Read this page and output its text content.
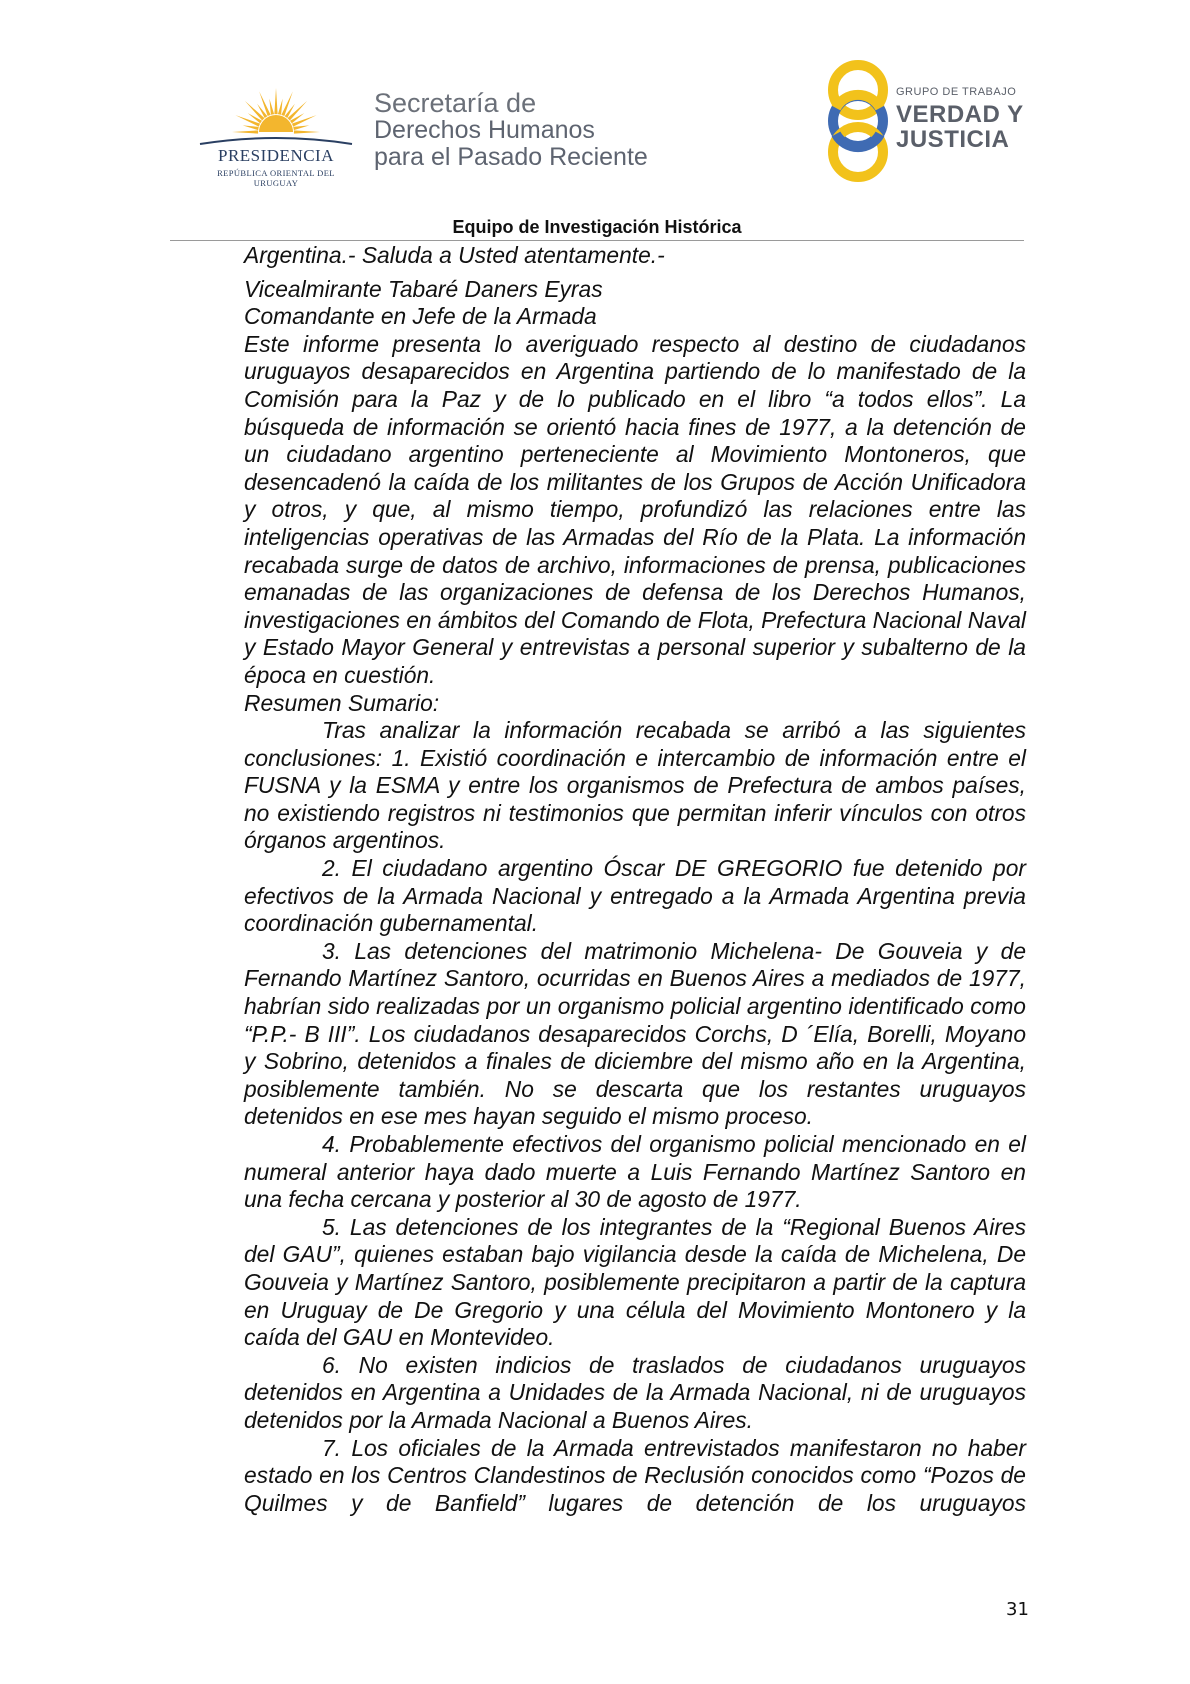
PRESIDENCIA
REPÚBLICA ORIENTAL DEL URUGUAY
Secretaría de
Derechos Humanos
para el Pasado Reciente
GRUPO DE TRABAJO
VERDAD Y
JUSTICIA
Equipo de Investigación Histórica

Argentina.- Saluda a Usted atentamente.-

Vicealmirante Tabaré Daners Eyras

Comandante en Jefe de la Armada

Este informe presenta lo averiguado respecto al destino de ciudadanos uruguayos desaparecidos en Argentina partiendo de lo manifestado de la Comisión para la Paz y de lo publicado en el libro “a todos ellos”. La búsqueda de información se orientó hacia fines de 1977, a la detención de un ciudadano argentino perteneciente al Movimiento Montoneros, que desencadenó la caída de los militantes de los Grupos de Acción Unificadora y otros, y que, al mismo tiempo, profundizó las relaciones entre las inteligencias operativas de las Armadas del Río de la Plata. La información recabada surge de datos de archivo, informaciones de prensa, publicaciones emanadas de las organizaciones de defensa de los Derechos Humanos, investigaciones en ámbitos del Comando de Flota, Prefectura Nacional Naval y Estado Mayor General y entrevistas a personal superior y subalterno de la época en cuestión.

Resumen Sumario:

Tras analizar la información recabada se arribó a las siguientes conclusiones: 1. Existió coordinación e intercambio de información entre el FUSNA y la ESMA y entre los organismos de Prefectura de ambos países, no existiendo registros ni testimonios que permitan inferir vínculos con otros órganos argentinos.

2. El ciudadano argentino Óscar DE GREGORIO fue detenido por efectivos de la Armada Nacional y entregado a la Armada Argentina previa coordinación gubernamental.

3. Las detenciones del matrimonio Michelena- De Gouveia y de Fernando Martínez Santoro, ocurridas en Buenos Aires a mediados de 1977, habrían sido realizadas por un organismo policial argentino identificado como “P.P.- B III”. Los ciudadanos desaparecidos Corchs, D ´Elía, Borelli, Moyano y Sobrino, detenidos a finales de diciembre del mismo año en la Argentina, posiblemente también. No se descarta que los restantes uruguayos detenidos en ese mes hayan seguido el mismo proceso.

4. Probablemente efectivos del organismo policial mencionado en el numeral anterior haya dado muerte a Luis Fernando Martínez Santoro en una fecha cercana y posterior al 30 de agosto de 1977.

5. Las detenciones de los integrantes de la “Regional Buenos Aires del GAU”, quienes estaban bajo vigilancia desde la caída de Michelena, De Gouveia y Martínez Santoro, posiblemente precipitaron a partir de la captura en Uruguay de De Gregorio y una célula del Movimiento Montonero y la caída del GAU en Montevideo.

6. No existen indicios de traslados de ciudadanos uruguayos detenidos en Argentina a Unidades de la Armada Nacional, ni de uruguayos detenidos por la Armada Nacional a Buenos Aires.

7. Los oficiales de la Armada entrevistados manifestaron no haber estado en los Centros Clandestinos de Reclusión conocidos como “Pozos de Quilmes y de Banfield” lugares de detención de los uruguayos

31
